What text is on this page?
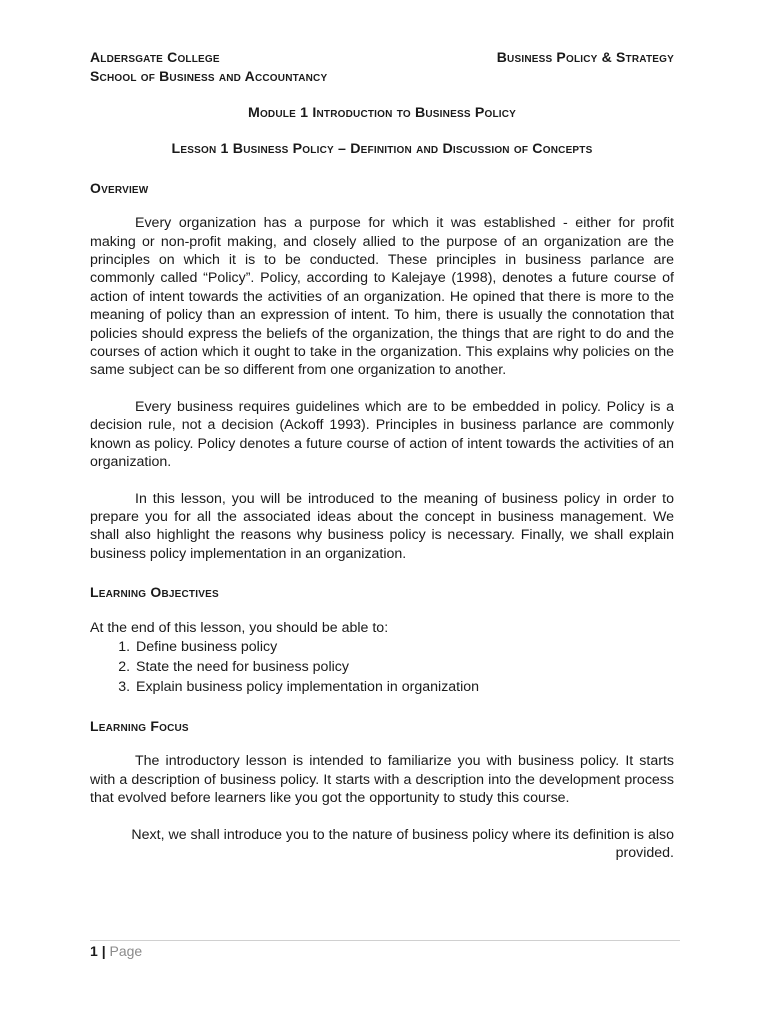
Aldersgate College	Business Policy & Strategy
School of Business and Accountancy
Module 1 Introduction to Business Policy
Lesson 1 Business Policy – Definition and Discussion of Concepts
Overview

Every organization has a purpose for which it was established - either for profit making or non-profit making, and closely allied to the purpose of an organization are the principles on which it is to be conducted. These principles in business parlance are commonly called “Policy”. Policy, according to Kalejaye (1998), denotes a future course of action of intent towards the activities of an organization. He opined that there is more to the meaning of policy than an expression of intent. To him, there is usually the connotation that policies should express the beliefs of the organization, the things that are right to do and the courses of action which it ought to take in the organization. This explains why policies on the same subject can be so different from one organization to another.

Every business requires guidelines which are to be embedded in policy. Policy is a decision rule, not a decision (Ackoff 1993). Principles in business parlance are commonly known as policy. Policy denotes a future course of action of intent towards the activities of an organization.

In this lesson, you will be introduced to the meaning of business policy in order to prepare you for all the associated ideas about the concept in business management. We shall also highlight the reasons why business policy is necessary. Finally, we shall explain business policy implementation in an organization.

Learning Objectives

At the end of this lesson, you should be able to:

1. Define business policy
2. State the need for business policy
3. Explain business policy implementation in organization
Learning Focus

The introductory lesson is intended to familiarize you with business policy. It starts with a description of business policy. It starts with a description into the development process that evolved before learners like you got the opportunity to study this course.

Next, we shall introduce you to the nature of business policy where its definition is also provided.

1 | Page
